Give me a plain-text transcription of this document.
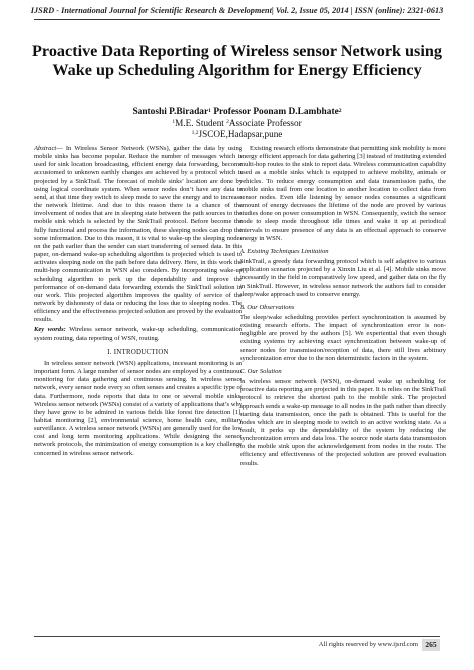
IJSRD - International Journal for Scientific Research & Development| Vol. 2, Issue 05, 2014 | ISSN (online): 2321-0613
Proactive Data Reporting of Wireless sensor Network using Wake up Scheduling Algorithm for Energy Efficiency
Santoshi P.Biradar$^1$ Professor Poonam D.Lambhate$^2$
$^1$M.E. Student $^2$Associate Professor
$^{1,2}$JSCOE,Hadapsar,pune

Abstract— In Wireless Sensor Network (WSNs), gather the data by using mobile sinks has become popular. Reduce the number of messages which is used for sink location broadcasting, efficient energy data forwarding, become accustomed to unknown earthly changes are achieved by a protocol which is projected by a SinkTrail. The forecast of mobile sinks’ location are done by using logical coordinate system. When sensor nodes don’t have any data to send, at that time they switch to sleep mode to save the energy and to increase the network lifetime. And due to this reason there is a chance of the involvement of nodes that are in sleeping state between the path sources to the mobile sink which is selected by the SinkTrail protocol. Before become the fully functional and process the information, these sleeping nodes can drop the some information. Due to this reason, it is vital to wake-up the sleeping nodes on the path earlier than the sender can start transferring of sensed data. In this paper, on-demand wake-up scheduling algorithm is projected which is used to activates sleeping node on the path before data delivery. Here, in this work the multi-hop communication in WSN also considers. By incorporating wake-up scheduling algorithm to perk up the dependability and improve the performance of on-demand data forwarding extends the SinkTrail solution in our work. This projected algorithm improves the quality of service of the network by dishonesty of data or reducing the loss due to sleeping nodes. The efficiency and the effectiveness projected solution are proved by the evaluation results.

Key words: Wireless sensor network, wake-up scheduling, communication system routing, data reporting of WSN, routing.

I. INTRODUCTION

In wireless sensor network (WSN) applications, incessant monitoring is an important form. A large number of sensor nodes are employed by a continuous monitoring for data gathering and continuous sensing. In wireless sensor network, every sensor node every so often senses and creates a specific type of data. Furthermore, node reports that data to one or several mobile sinks. Wireless sensor network (WSNs) consist of a variety of applications that’s why they have grow to be admired in various fields like forest fire detection [1], habitat monitoring [2], environmental science, home health care, military surveillance. A wireless sensor network (WSNs) are generally used for the low cost and long term monitoring applications. While designing the sensor network protocols, the minimization of energy consumption is a key challenge concerned in wireless sensor network.

Existing research efforts demonstrate that permitting sink mobility is more energy efficient approach for data gathering [3] instead of instituting extended multi-hop routes to the sink to report data. Wireless communication capability used as a mobile sinks which is equipped to achieve mobility, animals or vehicles. To reduce energy consumption and data transmission paths, the mobile sinks trail from one location to another location to collect data from sensor nodes. Even idle listening by sensor nodes consumes a significant amount of energy decreases the lifetime of the node are proved by various studies done on power consumption in WSN. Consequently, switch the sensor node to sleep mode throughout idle times and wake it up at periodical intervals to ensure presence of any data is an effectual approach to conserve energy in WSN.

A. Existing Techniques Limitation

SinkTrail, a greedy data forwarding protocol which is self adaptive to various application scenarios projected by a Xinxin Liu et al. [4]. Mobile sinks move incessantly in the field in comparatively low speed, and gather data on the fly in SinkTrail. However, in wireless sensor network the authors fail to consider sleep/wake approach used to conserve energy.

B. Our Observations

The sleep/wake scheduling provides perfect synchronization is assumed by existing research efforts. The impact of synchronization error is non-negligible are proved by the authors [5]. We experiential that even though existing systems try achieving exact synchronization between wake-up of sensor nodes for transmission/reception of data, there still lives arbitrary synchronization error due to the non deterministic factors in the system.

C. Our Solution

In wireless sensor network (WSN), on-demand wake up scheduling for proactive data reporting are projected in this paper. It is relies on the SinkTrail protocol to retrieve the shortest path to the mobile sink. The projected approach sends a wake-up message to all nodes in the path rather than directly starting data transmission, once the path is obtained. This is useful for the nodes which are in sleeping mode to switch to an active working state. As a result, it perks up the dependability of the system by reducing the synchronization errors and data loss. The source node starts data transmission to the mobile sink upon the acknowledgement from nodes in the route. The efficiency and effectiveness of the projected solution are proved evaluation results.

All rights reserved by www.ijsrd.com 265
